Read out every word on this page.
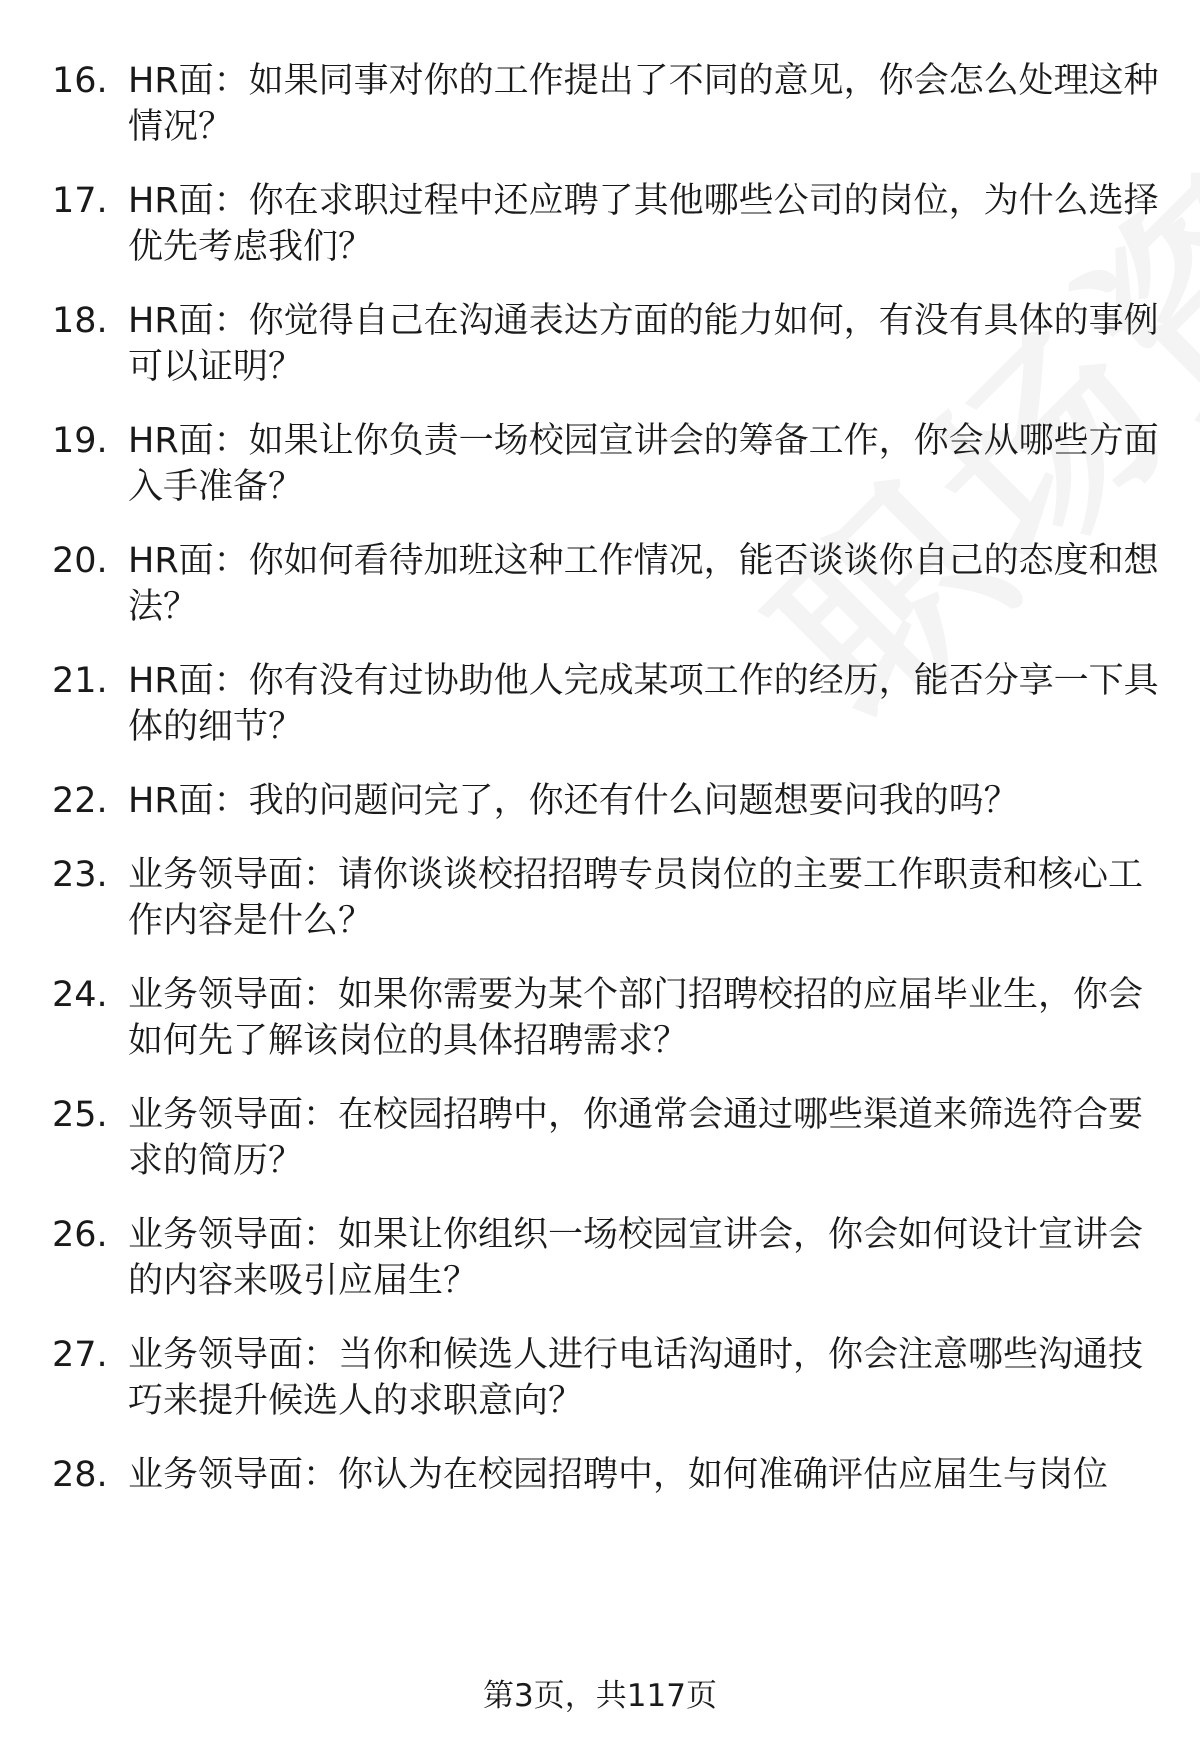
16. HR面：如果同事对你的工作提出了不同的意见，你会怎么处理这种情况？
17. HR面：你在求职过程中还应聘了其他哪些公司的岗位，为什么选择优先考虑我们？
18. HR面：你觉得自己在沟通表达方面的能力如何，有没有具体的事例可以证明？
19. HR面：如果让你负责一场校园宣讲会的筹备工作，你会从哪些方面入手准备？
20. HR面：你如何看待加班这种工作情况，能否谈谈你自己的态度和想法？
21. HR面：你有没有过协助他人完成某项工作的经历，能否分享一下具体的细节？
22. HR面：我的问题问完了，你还有什么问题想要问我的吗？
23. 业务领导面：请你谈谈校招招聘专员岗位的主要工作职责和核心工作内容是什么？
24. 业务领导面：如果你需要为某个部门招聘校招的应届毕业生，你会如何先了解该岗位的具体招聘需求？
25. 业务领导面：在校园招聘中，你通常会通过哪些渠道来筛选符合要求的简历？
26. 业务领导面：如果让你组织一场校园宣讲会，你会如何设计宣讲会的内容来吸引应届生？
27. 业务领导面：当你和候选人进行电话沟通时，你会注意哪些沟通技巧来提升候选人的求职意向？
28. 业务领导面：你认为在校园招聘中，如何准确评估应届生与岗位
第3页，共117页
